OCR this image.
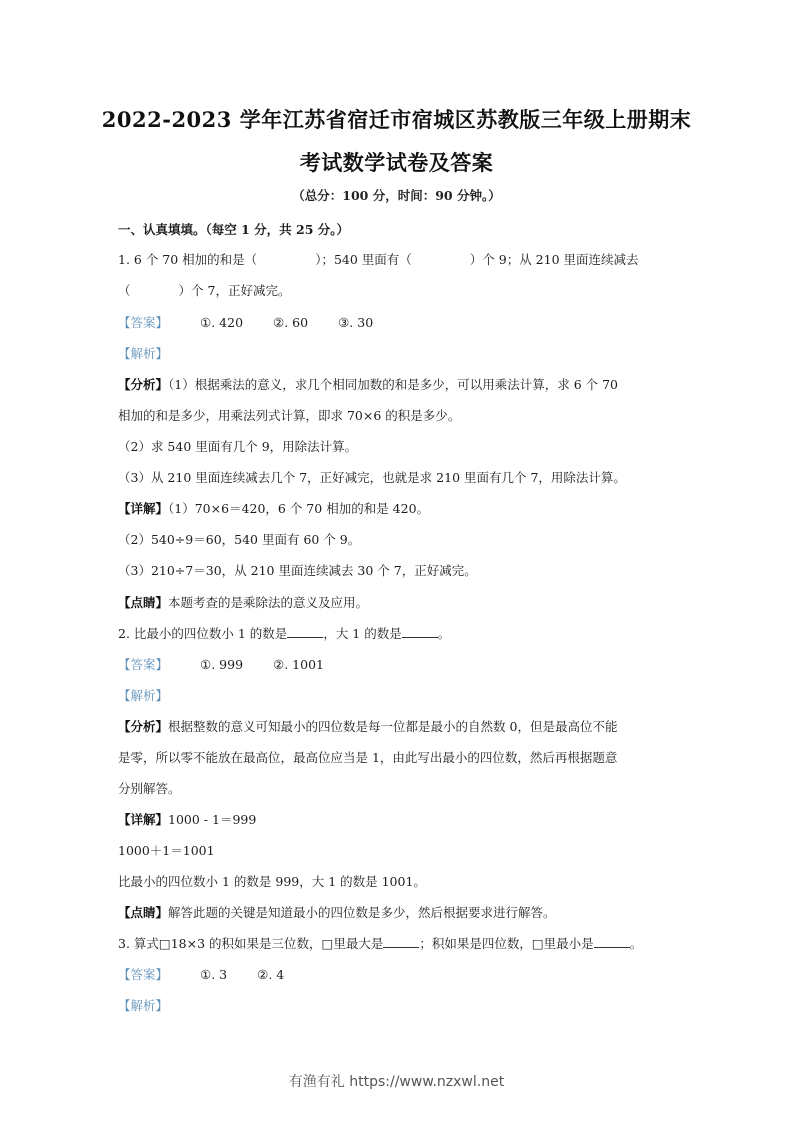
2022-2023 学年江苏省宿迁市宿城区苏教版三年级上册期末
考试数学试卷及答案
（总分：100 分，时间：90 分钟。）
一、认真填填。（每空 1 分，共 25 分。）
1. 6 个 70 相加的和是（	）；540 里面有（	）个 9；从 210 里面连续减去
（	）个 7，正好减完。
【答案】	①. 420 ②. 60 ③. 30
【解析】
【分析】（1）根据乘法的意义，求几个相同加数的和是多少，可以用乘法计算，求 6 个 70
相加的和是多少，用乘法列式计算，即求 70×6 的积是多少。
（2）求 540 里面有几个 9，用除法计算。
（3）从 210 里面连续减去几个 7，正好减完，也就是求 210 里面有几个 7，用除法计算。
【详解】（1）70×6＝420，6 个 70 相加的和是 420。
（2）540÷9＝60，540 里面有 60 个 9。
（3）210÷7＝30，从 210 里面连续减去 30 个 7，正好减完。
【点睛】本题考查的是乘除法的意义及应用。
2. 比最小的四位数小 1 的数是	，大 1 的数是	。
【答案】	①. 999 ②. 1001
【解析】
【分析】根据整数的意义可知最小的四位数是每一位都是最小的自然数 0，但是最高位不能
是零，所以零不能放在最高位，最高位应当是 1，由此写出最小的四位数，然后再根据题意
分别解答。
【详解】1000 - 1＝999
1000＋1＝1001
比最小的四位数小 1 的数是 999，大 1 的数是 1001。
【点睛】解答此题的关键是知道最小的四位数是多少，然后根据要求进行解答。
3. 算式□18×3 的积如果是三位数，□里最大是	；积如果是四位数，□里最小是	。
【答案】	①. 3 ②. 4
【解析】
有渔有礼 https://www.nzxwl.net
